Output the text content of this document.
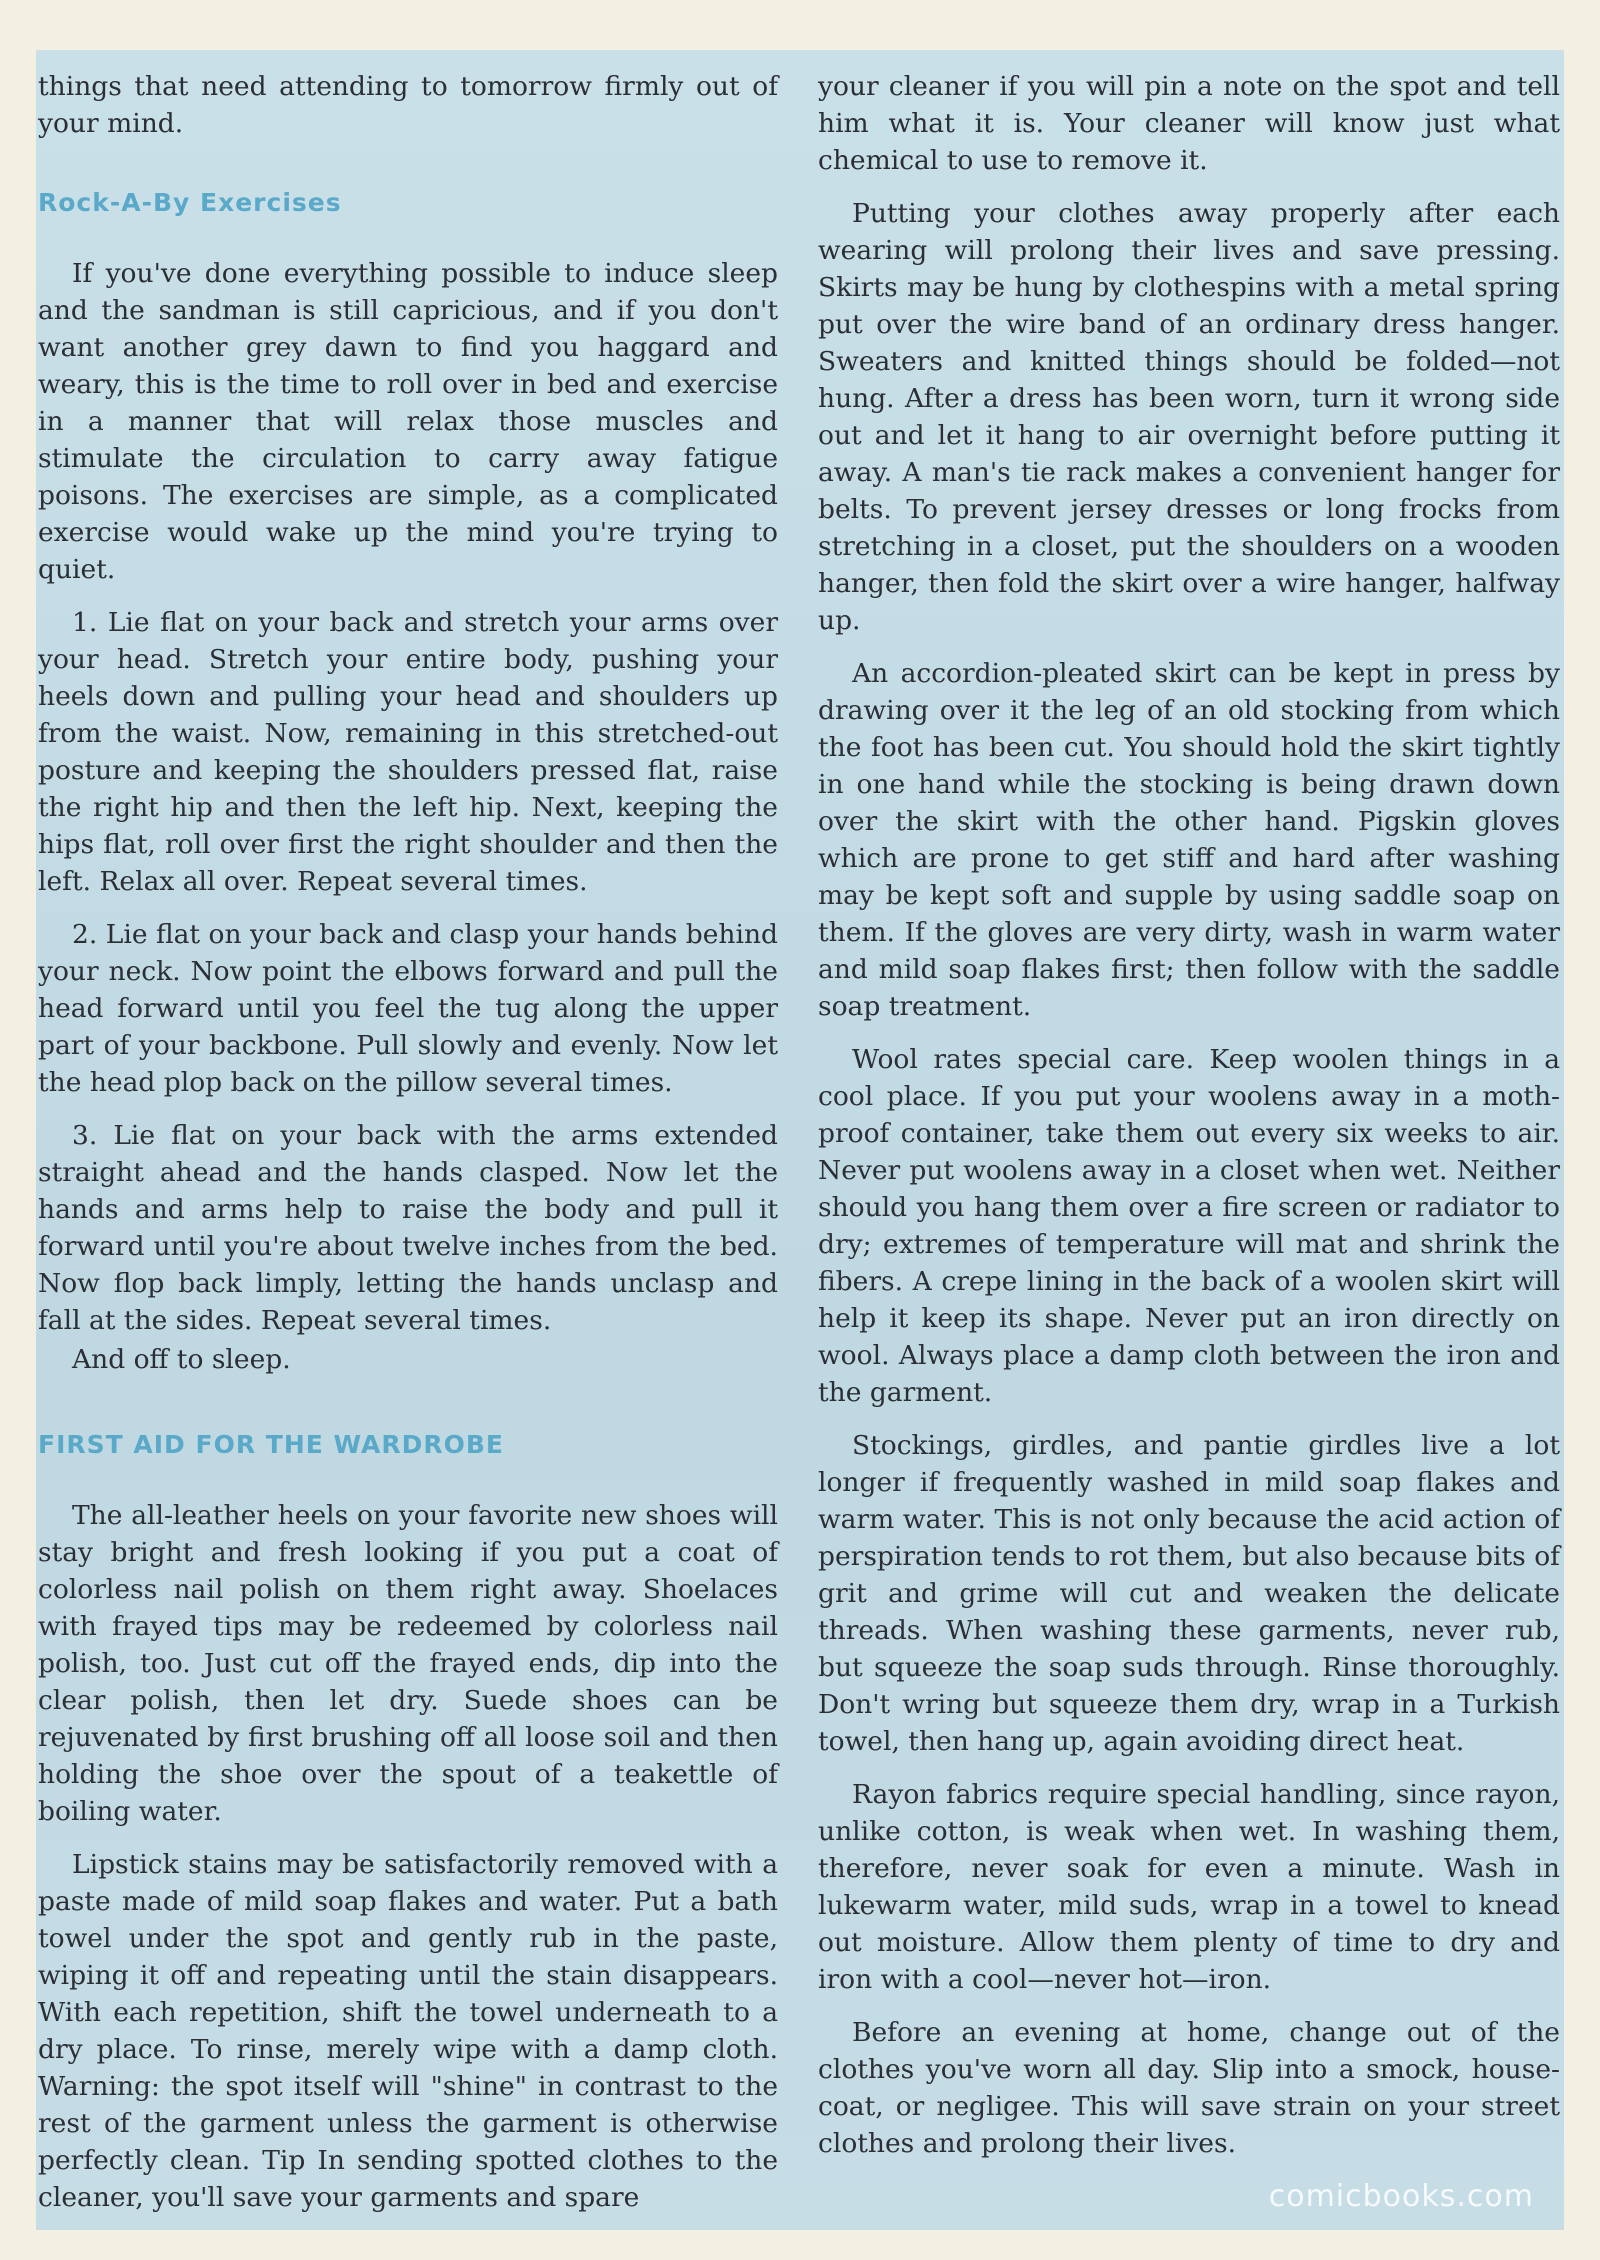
things that need attending to tomorrow firmly out of your mind.

Rock-A-By Exercises

If you've done everything possible to induce sleep and the sandman is still capricious, and if you don't want another grey dawn to find you haggard and weary, this is the time to roll over in bed and exercise in a manner that will relax those muscles and stimulate the circulation to carry away fatigue poisons. The exercises are simple, as a complicated exercise would wake up the mind you're trying to quiet.

1. Lie flat on your back and stretch your arms over your head. Stretch your entire body, pushing your heels down and pulling your head and shoulders up from the waist. Now, remaining in this stretched-out posture and keeping the shoulders pressed flat, raise the right hip and then the left hip. Next, keeping the hips flat, roll over first the right shoulder and then the left. Relax all over. Repeat several times.

2. Lie flat on your back and clasp your hands behind your neck. Now point the elbows forward and pull the head forward until you feel the tug along the upper part of your backbone. Pull slowly and evenly. Now let the head plop back on the pillow several times.

3. Lie flat on your back with the arms extended straight ahead and the hands clasped. Now let the hands and arms help to raise the body and pull it forward until you're about twelve inches from the bed. Now flop back limply, letting the hands unclasp and fall at the sides. Repeat several times.

And off to sleep.

FIRST AID FOR THE WARDROBE

The all-leather heels on your favorite new shoes will stay bright and fresh looking if you put a coat of colorless nail polish on them right away. Shoelaces with frayed tips may be redeemed by colorless nail polish, too. Just cut off the frayed ends, dip into the clear polish, then let dry. Suede shoes can be rejuvenated by first brushing off all loose soil and then holding the shoe over the spout of a teakettle of boiling water.

Lipstick stains may be satisfactorily removed with a paste made of mild soap flakes and water. Put a bath towel under the spot and gently rub in the paste, wiping it off and repeating until the stain disappears. With each repetition, shift the towel underneath to a dry place. To rinse, merely wipe with a damp cloth. Warning: the spot itself will "shine" in contrast to the rest of the garment unless the garment is otherwise perfectly clean. Tip In sending spotted clothes to the cleaner, you'll save your garments and spare

your cleaner if you will pin a note on the spot and tell him what it is. Your cleaner will know just what chemical to use to remove it.

Putting your clothes away properly after each wearing will prolong their lives and save pressing. Skirts may be hung by clothespins with a metal spring put over the wire band of an ordinary dress hanger. Sweaters and knitted things should be folded—not hung. After a dress has been worn, turn it wrong side out and let it hang to air overnight before putting it away. A man's tie rack makes a convenient hanger for belts. To prevent jersey dresses or long frocks from stretching in a closet, put the shoulders on a wooden hanger, then fold the skirt over a wire hanger, halfway up.

An accordion-pleated skirt can be kept in press by drawing over it the leg of an old stocking from which the foot has been cut. You should hold the skirt tightly in one hand while the stocking is being drawn down over the skirt with the other hand. Pigskin gloves which are prone to get stiff and hard after washing may be kept soft and supple by using saddle soap on them. If the gloves are very dirty, wash in warm water and mild soap flakes first; then follow with the saddle soap treatment.

Wool rates special care. Keep woolen things in a cool place. If you put your woolens away in a moth-proof container, take them out every six weeks to air. Never put woolens away in a closet when wet. Neither should you hang them over a fire screen or radiator to dry; extremes of temperature will mat and shrink the fibers. A crepe lining in the back of a woolen skirt will help it keep its shape. Never put an iron directly on wool. Always place a damp cloth between the iron and the garment.

Stockings, girdles, and pantie girdles live a lot longer if frequently washed in mild soap flakes and warm water. This is not only because the acid action of perspiration tends to rot them, but also because bits of grit and grime will cut and weaken the delicate threads. When washing these garments, never rub, but squeeze the soap suds through. Rinse thoroughly. Don't wring but squeeze them dry, wrap in a Turkish towel, then hang up, again avoiding direct heat.

Rayon fabrics require special handling, since rayon, unlike cotton, is weak when wet. In washing them, therefore, never soak for even a minute. Wash in lukewarm water, mild suds, wrap in a towel to knead out moisture. Allow them plenty of time to dry and iron with a cool—never hot—iron.

Before an evening at home, change out of the clothes you've worn all day. Slip into a smock, house-coat, or negligee. This will save strain on your street clothes and prolong their lives.

comicbooks.com
